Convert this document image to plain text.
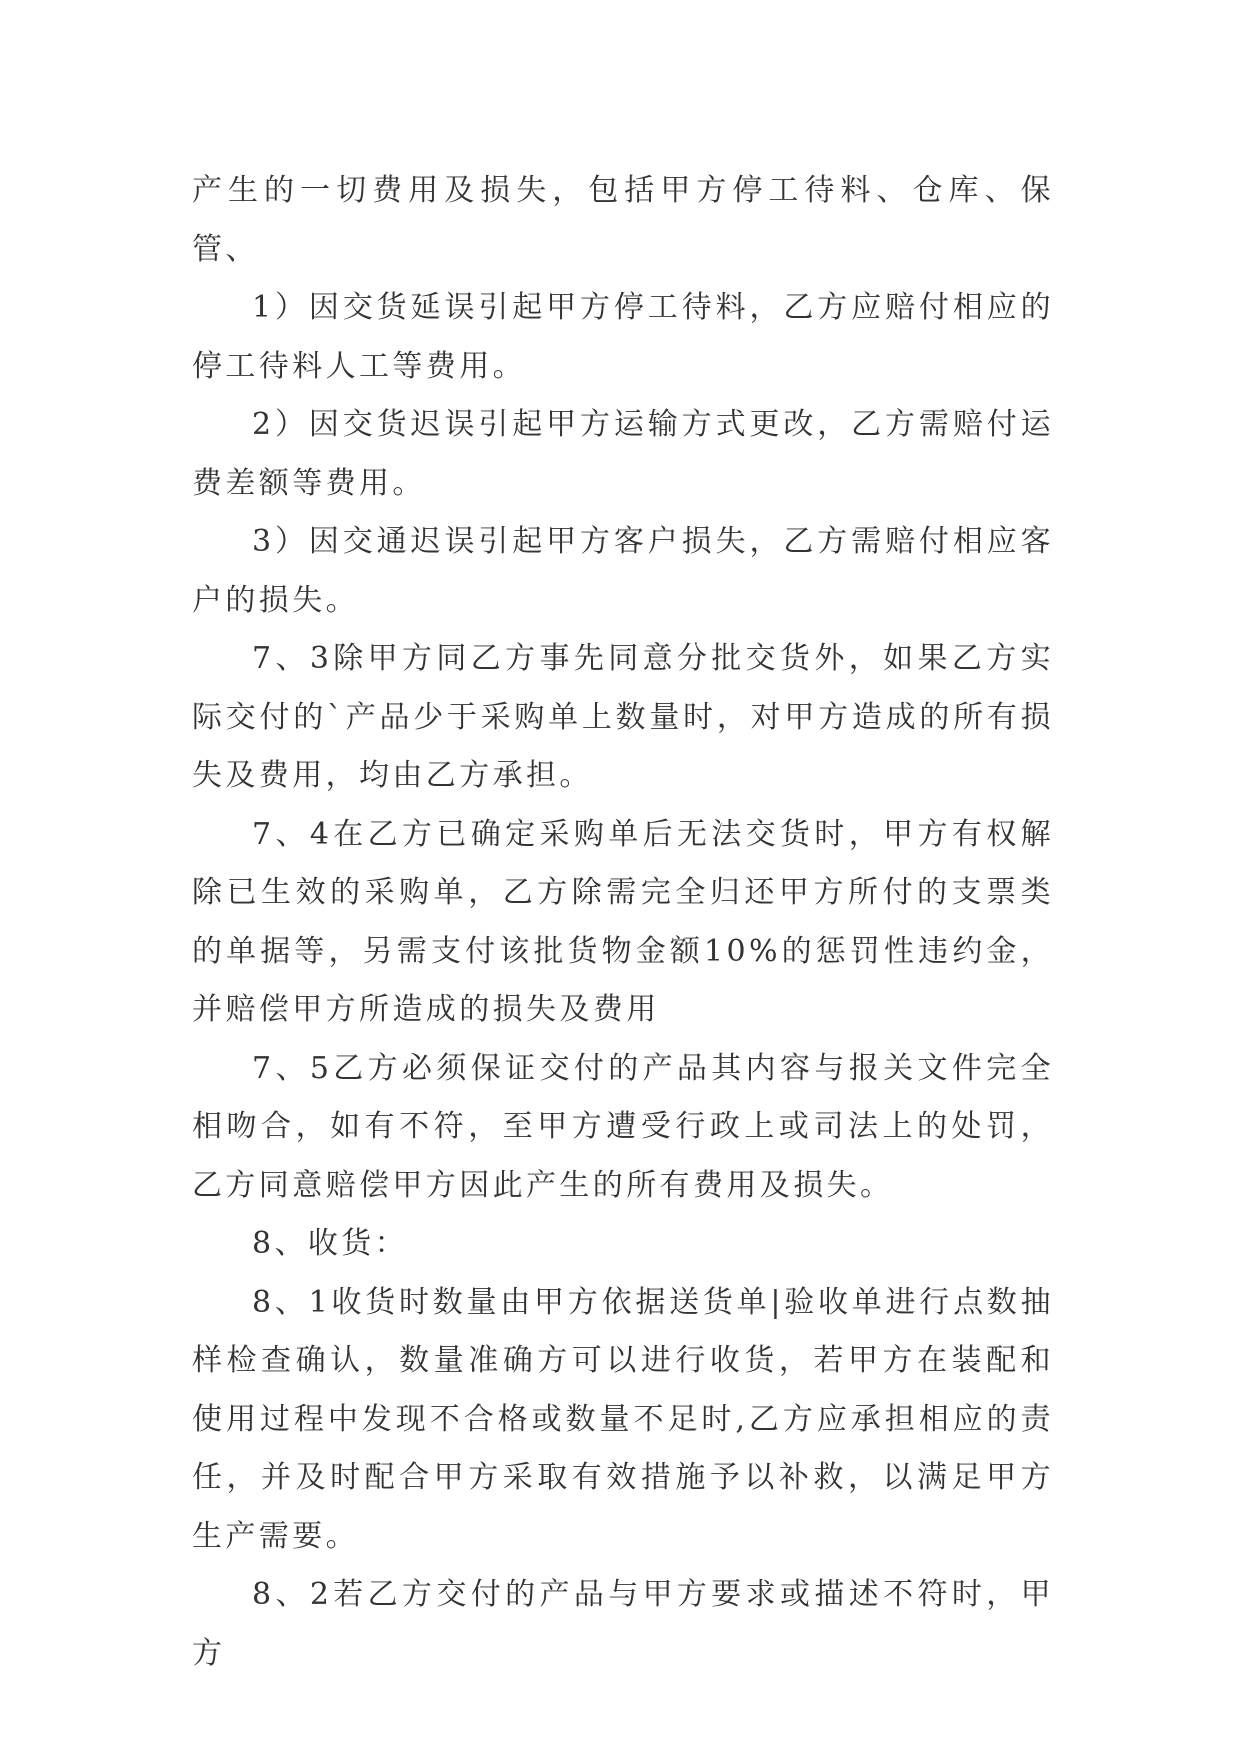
产生的一切费用及损失，包括甲方停工待料、仓库、保管、

1）因交货延误引起甲方停工待料，乙方应赔付相应的停工待料人工等费用。

2）因交货迟误引起甲方运输方式更改，乙方需赔付运费差额等费用。

3）因交通迟误引起甲方客户损失，乙方需赔付相应客户的损失。

7、3除甲方同乙方事先同意分批交货外，如果乙方实际交付的`产品少于采购单上数量时，对甲方造成的所有损失及费用，均由乙方承担。

7、4在乙方已确定采购单后无法交货时，甲方有权解除已生效的采购单，乙方除需完全归还甲方所付的支票类的单据等，另需支付该批货物金额10%的惩罚性违约金，并赔偿甲方所造成的损失及费用

7、5乙方必须保证交付的产品其内容与报关文件完全相吻合，如有不符，至甲方遭受行政上或司法上的处罚，乙方同意赔偿甲方因此产生的所有费用及损失。

8、收货：

8、1收货时数量由甲方依据送货单|验收单进行点数抽样检查确认，数量准确方可以进行收货，若甲方在装配和使用过程中发现不合格或数量不足时,乙方应承担相应的责任，并及时配合甲方采取有效措施予以补救，以满足甲方生产需要。

8、2若乙方交付的产品与甲方要求或描述不符时，甲方
